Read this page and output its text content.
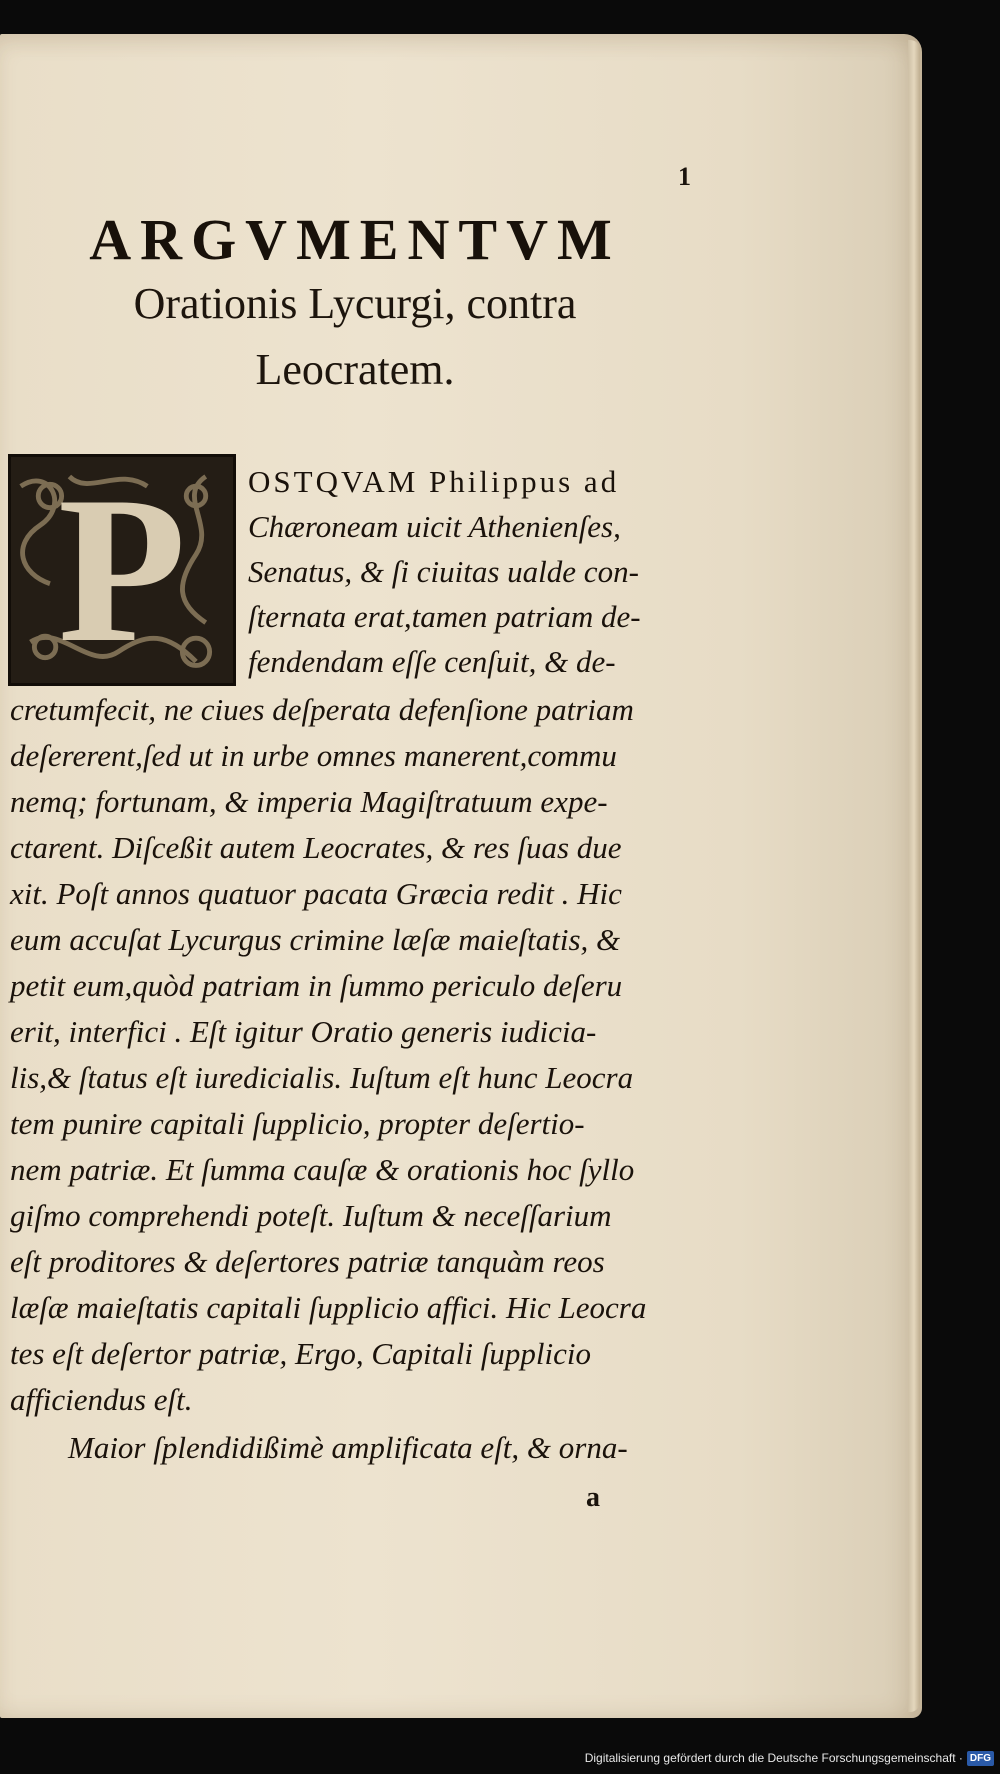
1
ARGVMENTVM
Orationis Lycurgi, contra
Leocratem.
P	OSTQVAM Philippus ad
Chæroneam uicit Athenienſes,
Senatus, & ſi ciuitas ualde con-
ſternata erat,tamen patriam de-
fendendam eſſe cenſuit, & de-
cretumfecit, ne ciues deſperata defenſione patriam
deſererent,ſed ut in urbe omnes manerent,commu
nemq; fortunam, & imperia Magiſtratuum expe-
ctarent. Diſceßit autem Leocrates, & res ſuas due
xit. Poſt annos quatuor pacata Græcia redit . Hic
eum accuſat Lycurgus crimine læſæ maieſtatis, &
petit eum,quòd patriam in ſummo periculo deſeru
erit, interfici . Eſt igitur Oratio generis iudicia-
lis,& ſtatus eſt iuredicialis. Iuſtum eſt hunc Leocra
tem punire capitali ſupplicio, propter deſertio-
nem patriæ. Et ſumma cauſæ & orationis hoc ſyllo
giſmo comprehendi poteſt. Iuſtum & neceſſarium
eſt proditores & deſertores patriæ tanquàm reos
læſæ maieſtatis capitali ſupplicio affici. Hic Leocra
tes eſt deſertor patriæ, Ergo, Capitali ſupplicio
afficiendus eſt.
Maior ſplendidißimè amplificata eſt, & orna-
a
Digitalisierung gefördert durch die Deutsche Forschungsgemeinschaft · DFG
